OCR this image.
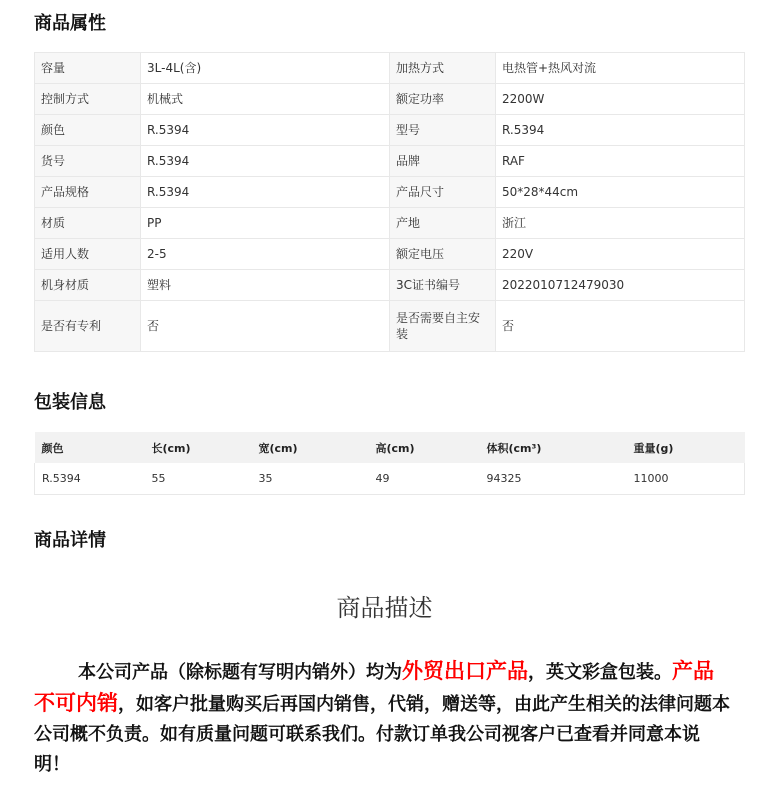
商品属性
容量	3L-4L(含)	加热方式	电热管+热风对流
控制方式	机械式	额定功率	2200W
颜色	R.5394	型号	R.5394
货号	R.5394	品牌	RAF
产品规格	R.5394	产品尺寸	50*28*44cm
材质	PP	产地	浙江
适用人数	2-5	额定电压	220V
机身材质	塑料	3C证书编号	2022010712479030
是否有专利	否	是否需要自主安装	否
包装信息
颜色	长(cm)	宽(cm)	高(cm)	体积(cm³)	重量(g)
R.5394	55	35	49	94325	11000
商品详情
商品描述

本公司产品（除标题有写明内销外）均为外贸出口产品，英文彩盒包装。产品不可内销，如客户批量购买后再国内销售，代销，赠送等，由此产生相关的法律问题本公司概不负责。如有质量问题可联系我们。付款订单我公司视客户已查看并同意本说明！
